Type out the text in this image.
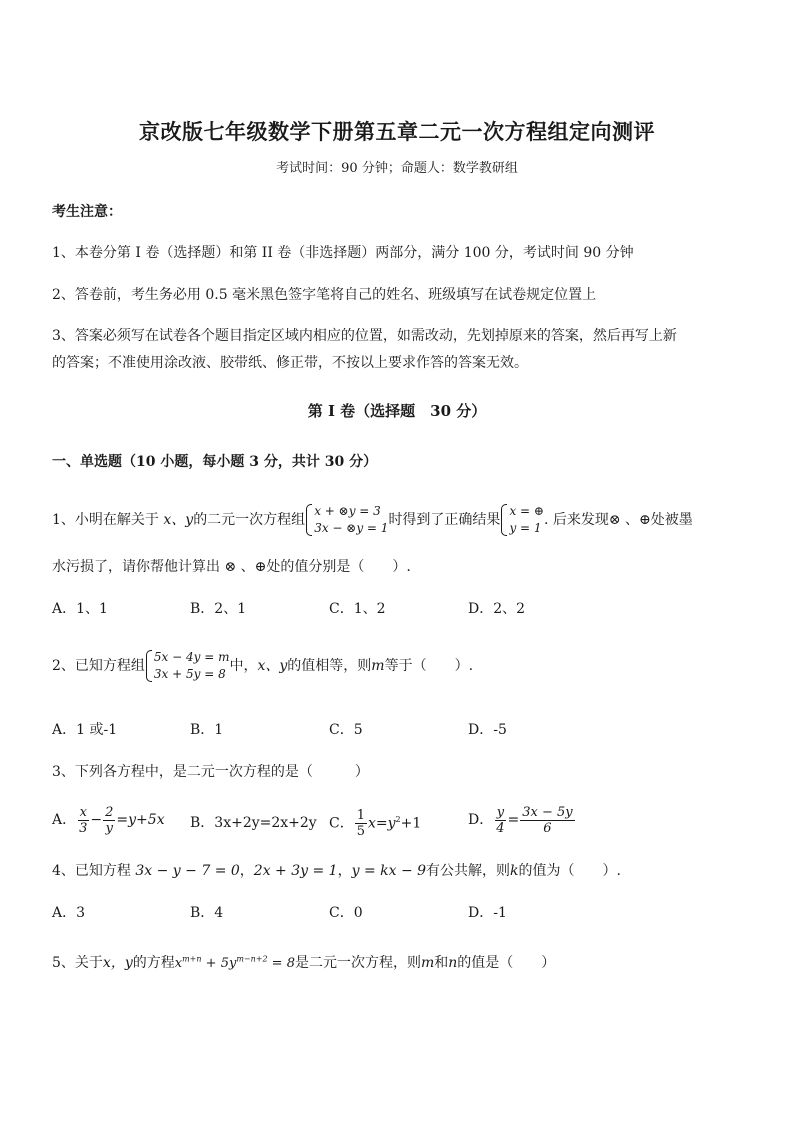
京改版七年级数学下册第五章二元一次方程组定向测评
考试时间：90 分钟；命题人：数学教研组
考生注意：
1、本卷分第 I 卷（选择题）和第 II 卷（非选择题）两部分，满分 100 分，考试时间 90 分钟
2、答卷前，考生务必用 0.5 毫米黑色签字笔将自己的姓名、班级填写在试卷规定位置上
3、答案必须写在试卷各个题目指定区域内相应的位置，如需改动，先划掉原来的答案，然后再写上新
的答案；不准使用涂改液、胶带纸、修正带，不按以上要求作答的答案无效。
第 I 卷（选择题　30 分）
一、单选题（10 小题，每小题 3 分，共计 30 分）
1、小明在解关于 x、y的二元一次方程组
x + ⊗y = 3
3x − ⊗y = 1 时得到了正确结果
x = ⊕
y = 1 . 后来发现⊗ 、⊕处被墨
水污损了，请你帮他计算出 ⊗ 、⊕处的值分别是（　　）.
A．1、1	B．2、1	C．1、2	D．2、2
2、已知方程组
5x − 4y = m
3x + 5y = 8 中，x、y的值相等，则m等于（　　）.
A．1 或-1	B．1	C．5	D．-5
3、下列各方程中，是二元一次方程的是（　　　）
A． $\frac{x}{3} - \frac{2}{y} =y+5x$ B．3x+2y=2x+2y C． $\frac{1}{5} x=y^2+1$	D． $\frac{y}{4} = \frac{3x - 5y}{6}$
4、已知方程 3x − y − 7 = 0，2x + 3y = 1，y = kx − 9有公共解，则k的值为（　　）.
A．3	B．4	C．0	D．-1
5、关于x，y的方程$x^{m+n} + 5y^{m-n+2} = 8$是二元一次方程，则m和n的值是（　　）
